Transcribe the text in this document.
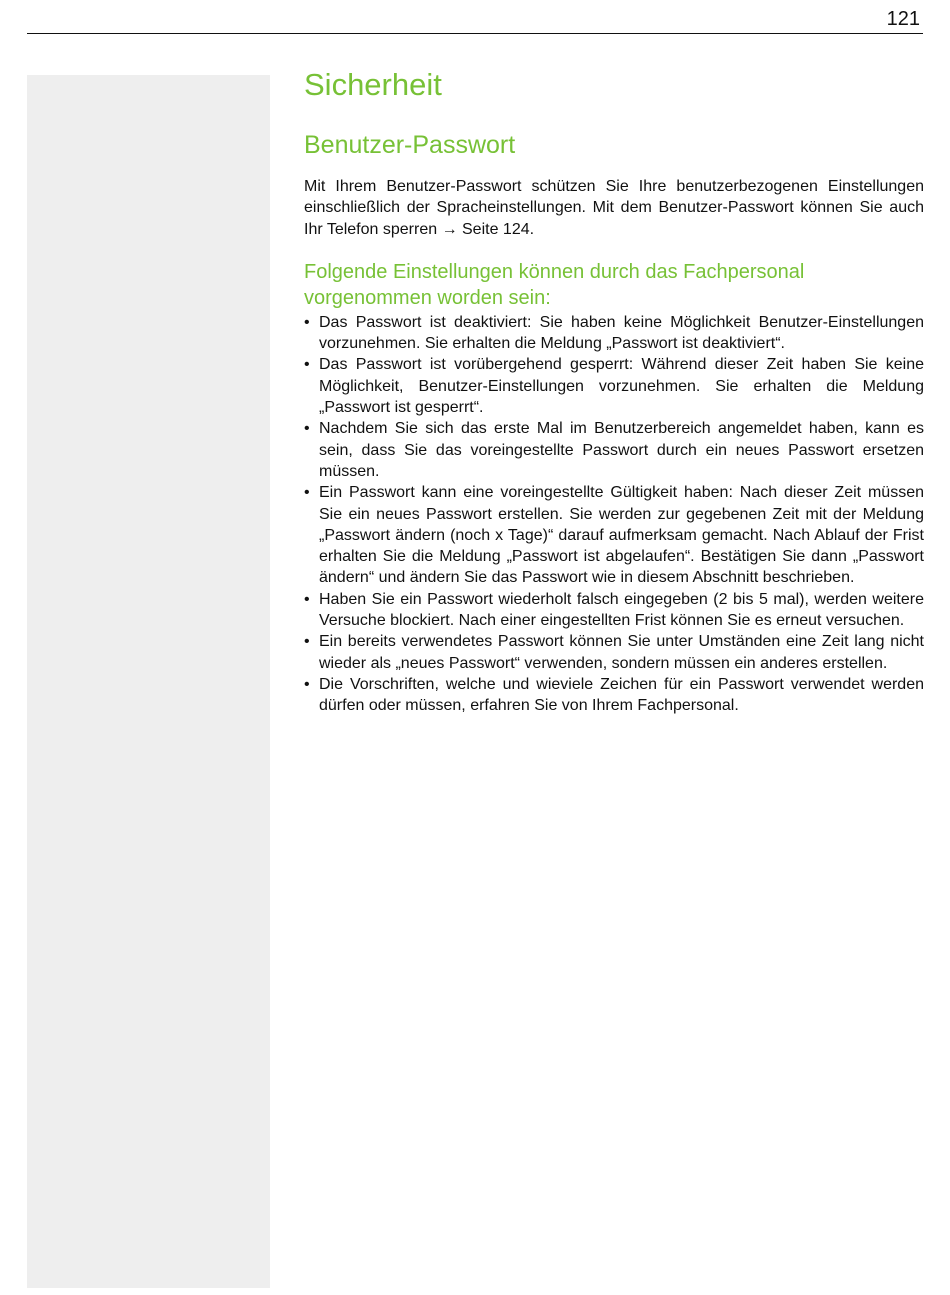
121
Sicherheit
Benutzer-Passwort

Mit Ihrem Benutzer-Passwort schützen Sie Ihre benutzerbezogenen Einstellungen einschließlich der Spracheinstellungen. Mit dem Benutzer-Passwort können Sie auch Ihr Telefon sperren → Seite 124.

Folgende Einstellungen können durch das Fachpersonal vorgenommen worden sein:
• Das Passwort ist deaktiviert: Sie haben keine Möglichkeit Benutzer-Einstellungen vorzunehmen. Sie erhalten die Meldung „Passwort ist deaktiviert“.
• Das Passwort ist vorübergehend gesperrt: Während dieser Zeit haben Sie keine Möglichkeit, Benutzer-Einstellungen vorzunehmen. Sie erhalten die Meldung „Passwort ist gesperrt“.
• Nachdem Sie sich das erste Mal im Benutzerbereich angemeldet haben, kann es sein, dass Sie das voreingestellte Passwort durch ein neues Passwort ersetzen müssen.
• Ein Passwort kann eine voreingestellte Gültigkeit haben: Nach dieser Zeit müssen Sie ein neues Passwort erstellen. Sie werden zur gegebenen Zeit mit der Meldung „Passwort ändern (noch x Tage)“ darauf aufmerksam gemacht. Nach Ablauf der Frist erhalten Sie die Meldung „Passwort ist abgelaufen“. Bestätigen Sie dann „Passwort ändern“ und ändern Sie das Passwort wie in diesem Abschnitt beschrieben.
• Haben Sie ein Passwort wiederholt falsch eingegeben (2 bis 5 mal), werden weitere Versuche blockiert. Nach einer eingestellten Frist können Sie es erneut versuchen.
• Ein bereits verwendetes Passwort können Sie unter Umständen eine Zeit lang nicht wieder als „neues Passwort“ verwenden, sondern müssen ein anderes erstellen.
• Die Vorschriften, welche und wieviele Zeichen für ein Passwort verwendet werden dürfen oder müssen, erfahren Sie von Ihrem Fachpersonal.
